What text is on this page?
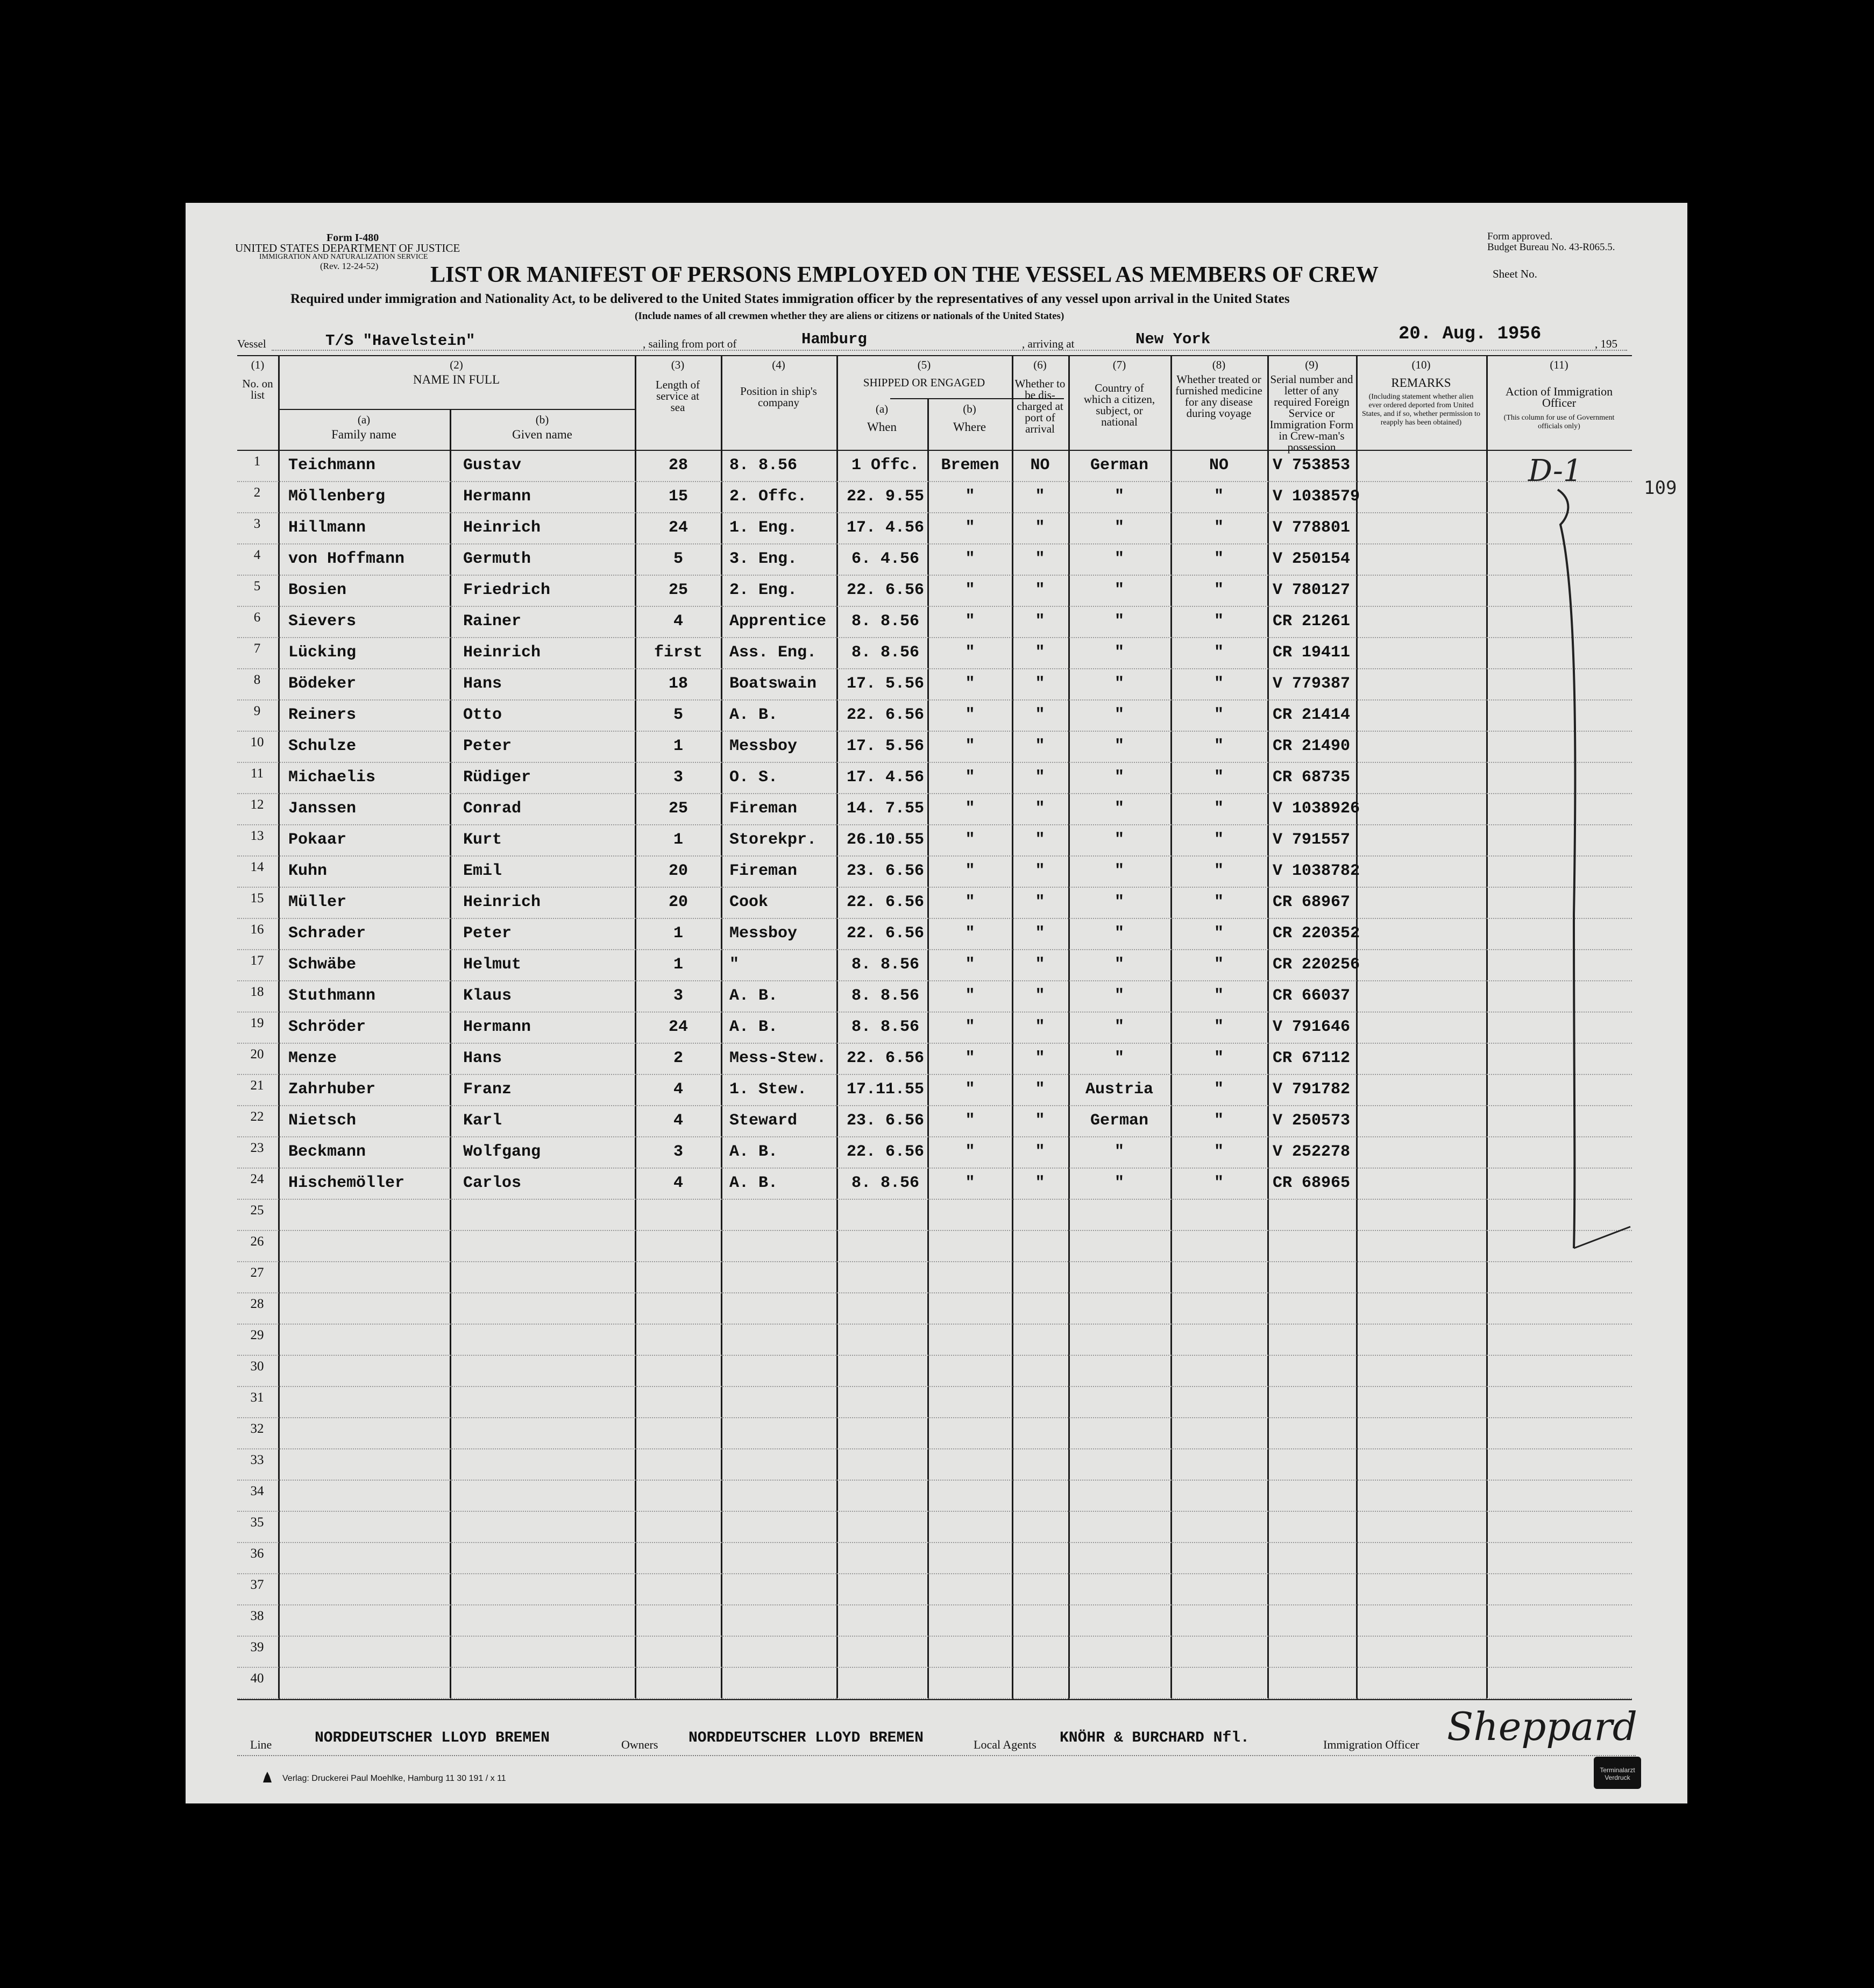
Form I-480
UNITED STATES DEPARTMENT OF JUSTICE
IMMIGRATION AND NATURALIZATION SERVICE
(Rev. 12-24-52)
Form approved.
Budget Bureau No. 43-R065.5.
Sheet No.
LIST OR MANIFEST OF PERSONS EMPLOYED ON THE VESSEL AS MEMBERS OF CREW
Required under immigration and Nationality Act, to be delivered to the United States immigration officer by the representatives of any vessel upon arrival in the United States
(Include names of all crewmen whether they are aliens or citizens or nationals of the United States)
Vessel	T/S "Havelstein"	, sailing from port of	Hamburg	, arriving at	New York	20. Aug. 1956	, 195
(1)
No. on list
(2)
NAME IN FULL
(a)
Family name
(b)
Given name
(3)
Length of service at sea
(4)
Position in ship's company
(5)
SHIPPED OR ENGAGED
(a)
When
(b)
Where
(6)
Whether to be dis-charged at port of arrival
(7)
Country of which a citizen, subject, or national
(8)
Whether treated or furnished medicine for any disease during voyage
(9)
Serial number and letter of any required Foreign Service or Immigration Form in Crew-man's possession
(10)
REMARKS
(Including statement whether alien ever ordered deported from United States, and if so, whether permission to reapply has been obtained)
(11)
Action of Immigration Officer
(This column for use of Government officials only)
1	Teichmann	Gustav	28	8. 8.56	1 Offc.	Bremen	NO	German	NO	V 753853
2	Möllenberg	Hermann	15	2. Offc.	22. 9.55	"	"	"	"	V 1038579
3	Hillmann	Heinrich	24	1. Eng.	17. 4.56	"	"	"	"	V 778801
4	von Hoffmann	Germuth	5	3. Eng.	6. 4.56	"	"	"	"	V 250154
5	Bosien	Friedrich	25	2. Eng.	22. 6.56	"	"	"	"	V 780127
6	Sievers	Rainer	4	Apprentice	8. 8.56	"	"	"	"	CR 21261
7	Lücking	Heinrich	first	Ass. Eng.	8. 8.56	"	"	"	"	CR 19411
8	Bödeker	Hans	18	Boatswain	17. 5.56	"	"	"	"	V 779387
9	Reiners	Otto	5	A. B.	22. 6.56	"	"	"	"	CR 21414
10	Schulze	Peter	1	Messboy	17. 5.56	"	"	"	"	CR 21490
11	Michaelis	Rüdiger	3	O. S.	17. 4.56	"	"	"	"	CR 68735
12	Janssen	Conrad	25	Fireman	14. 7.55	"	"	"	"	V 1038926
13	Pokaar	Kurt	1	Storekpr.	26.10.55	"	"	"	"	V 791557
14	Kuhn	Emil	20	Fireman	23. 6.56	"	"	"	"	V 1038782
15	Müller	Heinrich	20	Cook	22. 6.56	"	"	"	"	CR 68967
16	Schrader	Peter	1	Messboy	22. 6.56	"	"	"	"	CR 220352
17	Schwäbe	Helmut	1	"	8. 8.56	"	"	"	"	CR 220256
18	Stuthmann	Klaus	3	A. B.	8. 8.56	"	"	"	"	CR 66037
19	Schröder	Hermann	24	A. B.	8. 8.56	"	"	"	"	V 791646
20	Menze	Hans	2	Mess-Stew.	22. 6.56	"	"	"	"	CR 67112
21	Zahrhuber	Franz	4	1. Stew.	17.11.55	"	"	Austria	"	V 791782
22	Nietsch	Karl	4	Steward	23. 6.56	"	"	German	"	V 250573
23	Beckmann	Wolfgang	3	A. B.	22. 6.56	"	"	"	"	V 252278
24	Hischemöller	Carlos	4	A. B.	8. 8.56	"	"	"	"	CR 68965
25
26
27
28
29
30
31
32
33
34
35
36
37
38
39
40
D-1	109
Line	NORDDEUTSCHER LLOYD BREMEN	Owners NORDDEUTSCHER LLOYD BREMEN	Local Agents KNÖHR & BURCHARD Nfl.	Immigration Officer Sheppard
Verlag: Druckerei Paul Moehlke, Hamburg 11 30 191 / x 11
Terminalarzt Verdruck
